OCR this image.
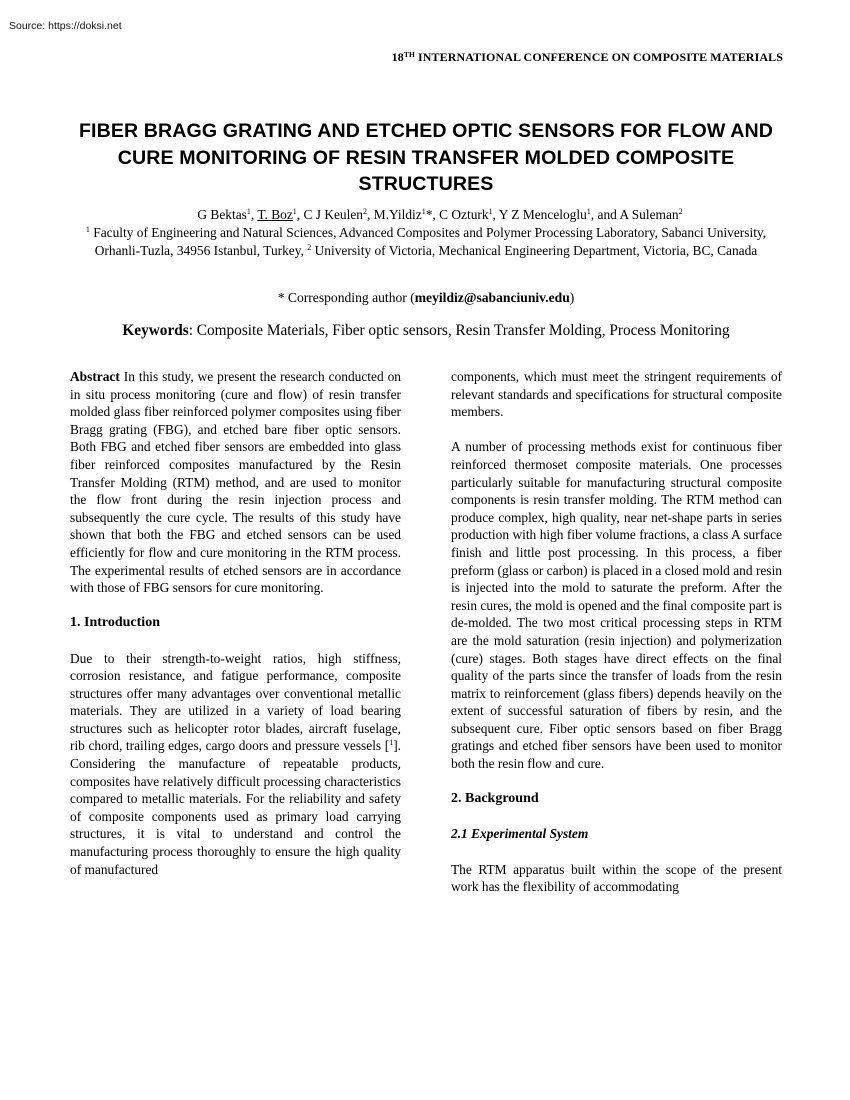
Source: https://doksi.net
18TH INTERNATIONAL CONFERENCE ON COMPOSITE MATERIALS
FIBER BRAGG GRATING AND ETCHED OPTIC SENSORS FOR FLOW AND CURE MONITORING OF RESIN TRANSFER MOLDED COMPOSITE STRUCTURES
G Bektas$^1$, T. Boz$^1$, C J Keulen$^2$, M.Yildiz$^1$*, C Ozturk$^1$, Y Z Menceloglu$^1$, and A Suleman$^2$
$^1$ Faculty of Engineering and Natural Sciences, Advanced Composites and Polymer Processing Laboratory, Sabanci University, Orhanli-Tuzla, 34956 Istanbul, Turkey, $^2$ University of Victoria, Mechanical Engineering Department, Victoria, BC, Canada
* Corresponding author (meyildiz@sabanciuniv.edu)
Keywords: Composite Materials, Fiber optic sensors, Resin Transfer Molding, Process Monitoring

Abstract In this study, we present the research conducted on in situ process monitoring (cure and flow) of resin transfer molded glass fiber reinforced polymer composites using fiber Bragg grating (FBG), and etched bare fiber optic sensors. Both FBG and etched fiber sensors are embedded into glass fiber reinforced composites manufactured by the Resin Transfer Molding (RTM) method, and are used to monitor the flow front during the resin injection process and subsequently the cure cycle. The results of this study have shown that both the FBG and etched sensors can be used efficiently for flow and cure monitoring in the RTM process. The experimental results of etched sensors are in accordance with those of FBG sensors for cure monitoring.

1. Introduction

Due to their strength-to-weight ratios, high stiffness, corrosion resistance, and fatigue performance, composite structures offer many advantages over conventional metallic materials. They are utilized in a variety of load bearing structures such as helicopter rotor blades, aircraft fuselage, rib chord, trailing edges, cargo doors and pressure vessels [$^1$]. Considering the manufacture of repeatable products, composites have relatively difficult processing characteristics compared to metallic materials. For the reliability and safety of composite components used as primary load carrying structures, it is vital to understand and control the manufacturing process thoroughly to ensure the high quality of manufactured

components, which must meet the stringent requirements of relevant standards and specifications for structural composite members.

A number of processing methods exist for continuous fiber reinforced thermoset composite materials. One processes particularly suitable for manufacturing structural composite components is resin transfer molding. The RTM method can produce complex, high quality, near net-shape parts in series production with high fiber volume fractions, a class A surface finish and little post processing. In this process, a fiber preform (glass or carbon) is placed in a closed mold and resin is injected into the mold to saturate the preform. After the resin cures, the mold is opened and the final composite part is de-molded. The two most critical processing steps in RTM are the mold saturation (resin injection) and polymerization (cure) stages. Both stages have direct effects on the final quality of the parts since the transfer of loads from the resin matrix to reinforcement (glass fibers) depends heavily on the extent of successful saturation of fibers by resin, and the subsequent cure. Fiber optic sensors based on fiber Bragg gratings and etched fiber sensors have been used to monitor both the resin flow and cure.

2. Background
2.1 Experimental System

The RTM apparatus built within the scope of the present work has the flexibility of accommodating
